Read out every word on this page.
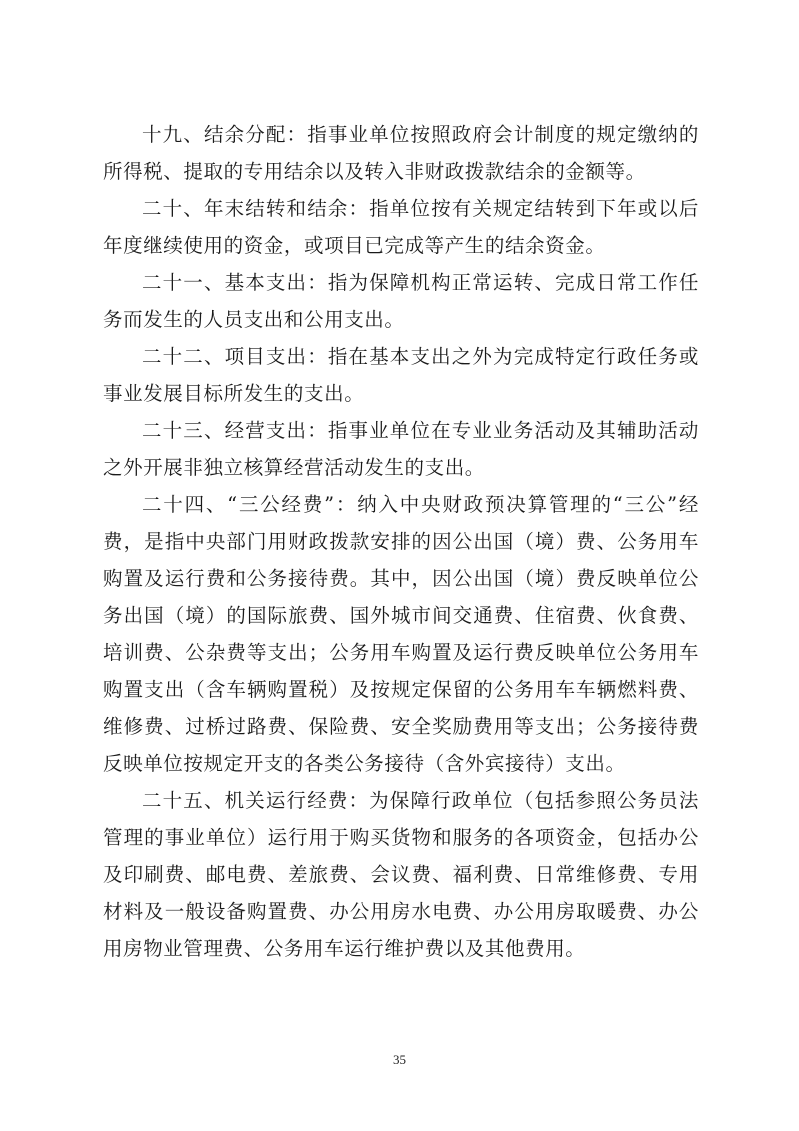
十九、结余分配：指事业单位按照政府会计制度的规定缴纳的所得税、提取的专用结余以及转入非财政拨款结余的金额等。

二十、年末结转和结余：指单位按有关规定结转到下年或以后年度继续使用的资金，或项目已完成等产生的结余资金。

二十一、基本支出：指为保障机构正常运转、完成日常工作任务而发生的人员支出和公用支出。

二十二、项目支出：指在基本支出之外为完成特定行政任务或事业发展目标所发生的支出。

二十三、经营支出：指事业单位在专业业务活动及其辅助活动之外开展非独立核算经营活动发生的支出。

二十四、“三公经费”：纳入中央财政预决算管理的“三公”经费，是指中央部门用财政拨款安排的因公出国（境）费、公务用车购置及运行费和公务接待费。其中，因公出国（境）费反映单位公务出国（境）的国际旅费、国外城市间交通费、住宿费、伙食费、培训费、公杂费等支出；公务用车购置及运行费反映单位公务用车购置支出（含车辆购置税）及按规定保留的公务用车车辆燃料费、维修费、过桥过路费、保险费、安全奖励费用等支出；公务接待费反映单位按规定开支的各类公务接待（含外宾接待）支出。

二十五、机关运行经费：为保障行政单位（包括参照公务员法管理的事业单位）运行用于购买货物和服务的各项资金，包括办公及印刷费、邮电费、差旅费、会议费、福利费、日常维修费、专用材料及一般设备购置费、办公用房水电费、办公用房取暖费、办公用房物业管理费、公务用车运行维护费以及其他费用。

35
